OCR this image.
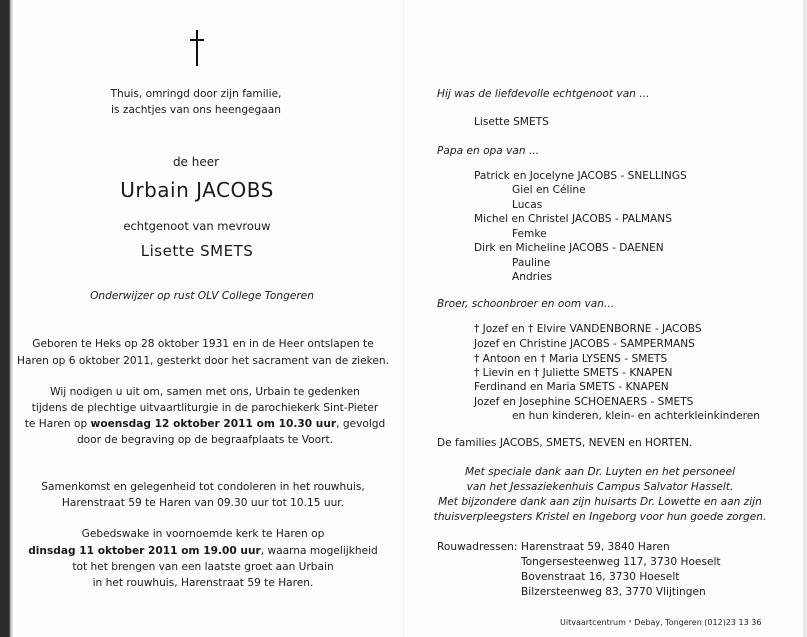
Thuis, omringd door zijn familie,
is zachtjes van ons heengegaan
de heer
Urbain JACOBS
echtgenoot van mevrouw
Lisette SMETS
Onderwijzer op rust OLV College Tongeren
Geboren te Heks op 28 oktober 1931 en in de Heer ontslapen te
Haren op 6 oktober 2011, gesterkt door het sacrament van de zieken.
Wij nodigen u uit om, samen met ons, Urbain te gedenken
tijdens de plechtige uitvaartliturgie in de parochiekerk Sint-Pieter
te Haren op woensdag 12 oktober 2011 om 10.30 uur, gevolgd
door de begraving op de begraafplaats te Voort.
Samenkomst en gelegenheid tot condoleren in het rouwhuis,
Harenstraat 59 te Haren van 09.30 uur tot 10.15 uur.
Gebedswake in voornoemde kerk te Haren op
dinsdag 11 oktober 2011 om 19.00 uur, waarna mogelijkheid
tot het brengen van een laatste groet aan Urbain
in het rouwhuis, Harenstraat 59 te Haren.
Hij was de liefdevolle echtgenoot van ...
Lisette SMETS
Papa en opa van ...
Patrick en Jocelyne JACOBS - SNELLINGS
Giel en Céline
Lucas
Michel en Christel JACOBS - PALMANS
Femke
Dirk en Micheline JACOBS - DAENEN
Pauline
Andries
Broer, schoonbroer en oom van...
† Jozef en † Elvire VANDENBORNE - JACOBS
Jozef en Christine JACOBS - SAMPERMANS
† Antoon en † Maria LYSENS - SMETS
† Lievin en † Juliette SMETS - KNAPEN
Ferdinand en Maria SMETS - KNAPEN
Jozef en Josephine SCHOENAERS - SMETS
en hun kinderen, klein- en achterkleinkinderen
De families JACOBS, SMETS, NEVEN en HORTEN.
Met speciale dank aan Dr. Luyten en het personeel
van het Jessaziekenhuis Campus Salvator Hasselt.
Met bijzondere dank aan zijn huisarts Dr. Lowette en aan zijn
thuisverpleegsters Kristel en Ingeborg voor hun goede zorgen.
Rouwadressen: Harenstraat 59, 3840 Haren
Tongersesteenweg 117, 3730 Hoeselt
Bovenstraat 16, 3730 Hoeselt
Bilzersteenweg 83, 3770 Vlijtingen
Uitvaartcentrum ᵛ Debay, Tongeren (012)23 13 36
